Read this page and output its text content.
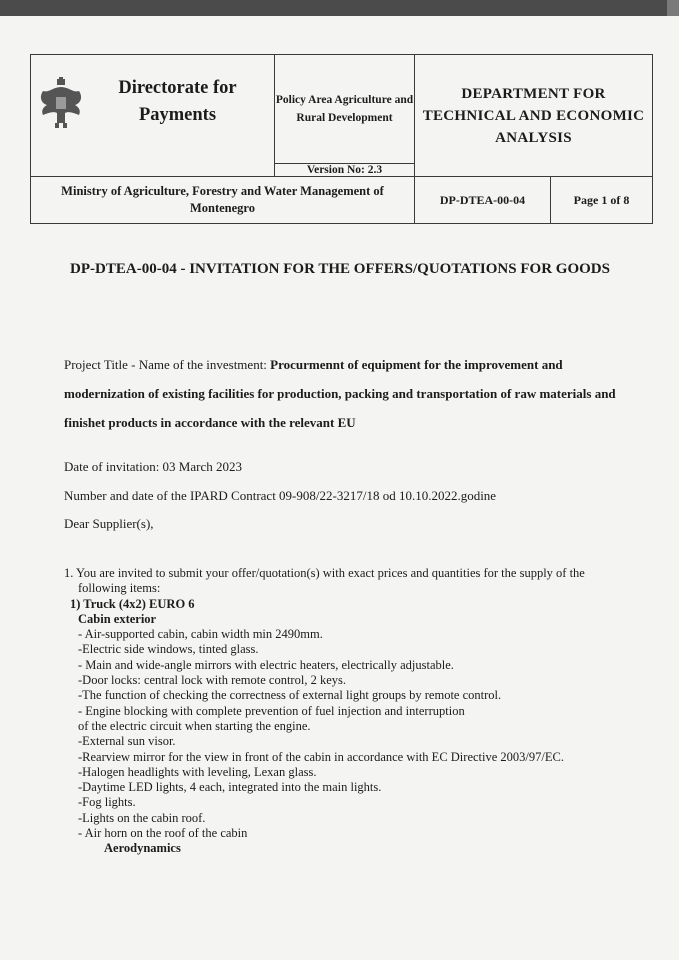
Directorate for Payments	Policy Area Agriculture and Rural Development	DEPARTMENT FOR TECHNICAL AND ECONOMIC ANALYSIS	
	Version No: 2.3		
Ministry of Agriculture, Forestry and Water Management of Montenegro		DP-DTEA-00-04	Page 1 of 8
DP-DTEA-00-04 - INVITATION FOR THE OFFERS/QUOTATIONS FOR GOODS
Project Title - Name of the investment: Procurmennt of equipment for the improvement and modernization of existing facilities for production, packing and transportation of raw materials and finishet products in accordance with the relevant EU
Date of invitation: 03 March 2023
Number and date of the IPARD Contract 09-908/22-3217/18 od 10.10.2022.godine
Dear Supplier(s),
1. You are invited to submit your offer/quotation(s) with exact prices and quantities for the supply of the following items:
1) Truck (4x2) EURO 6
Cabin exterior
- Air-supported cabin, cabin width min 2490mm.
-Electric side windows, tinted glass.
- Main and wide-angle mirrors with electric heaters, electrically adjustable.
-Door locks: central lock with remote control, 2 keys.
-The function of checking the correctness of external light groups by remote control.
- Engine blocking with complete prevention of fuel injection and interruption
of the electric circuit when starting the engine.
-External sun visor.
-Rearview mirror for the view in front of the cabin in accordance with EC Directive 2003/97/EC.
-Halogen headlights with leveling, Lexan glass.
-Daytime LED lights, 4 each, integrated into the main lights.
-Fog lights.
-Lights on the cabin roof.
- Air horn on the roof of the cabin
Aerodynamics
